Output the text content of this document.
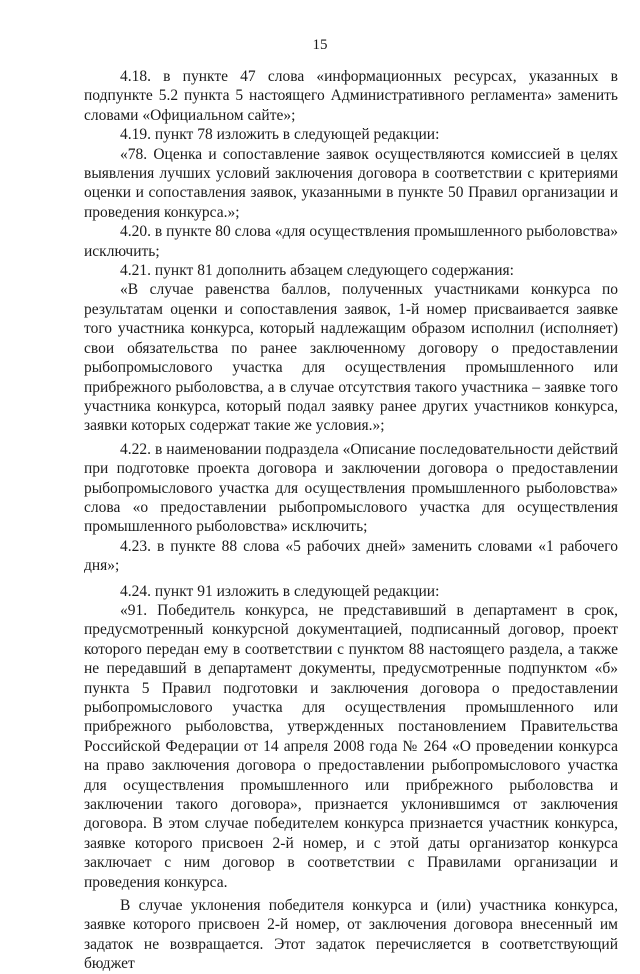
15

4.18. в пункте 47 слова «информационных ресурсах, указанных в подпункте 5.2 пункта 5 настоящего Административного регламента» заменить словами «Официальном сайте»;

4.19. пункт 78 изложить в следующей редакции:

«78. Оценка и сопоставление заявок осуществляются комиссией в целях выявления лучших условий заключения договора в соответствии с критериями оценки и сопоставления заявок, указанными в пункте 50 Правил организации и проведения конкурса.»;

4.20. в пункте 80 слова «для осуществления промышленного рыболовства» исключить;

4.21. пункт 81 дополнить абзацем следующего содержания:

«В случае равенства баллов, полученных участниками конкурса по результатам оценки и сопоставления заявок, 1-й номер присваивается заявке того участника конкурса, который надлежащим образом исполнил (исполняет) свои обязательства по ранее заключенному договору о предоставлении рыбопромыслового участка для осуществления промышленного или прибрежного рыболовства, а в случае отсутствия такого участника – заявке того участника конкурса, который подал заявку ранее других участников конкурса, заявки которых содержат такие же условия.»;

4.22. в наименовании подраздела «Описание последовательности действий при подготовке проекта договора и заключении договора о предоставлении рыбопромыслового участка для осуществления промышленного рыболовства» слова «о предоставлении рыбопромыслового участка для осуществления промышленного рыболовства» исключить;

4.23. в пункте 88 слова «5 рабочих дней» заменить словами «1 рабочего дня»;

4.24. пункт 91 изложить в следующей редакции:

«91. Победитель конкурса, не представивший в департамент в срок, предусмотренный конкурсной документацией, подписанный договор, проект которого передан ему в соответствии с пунктом 88 настоящего раздела, а также не передавший в департамент документы, предусмотренные подпунктом «б» пункта 5 Правил подготовки и заключения договора о предоставлении рыбопромыслового участка для осуществления промышленного или прибрежного рыболовства, утвержденных постановлением Правительства Российской Федерации от 14 апреля 2008 года № 264 «О проведении конкурса на право заключения договора о предоставлении рыбопромыслового участка для осуществления промышленного или прибрежного рыболовства и заключении такого договора», признается уклонившимся от заключения договора. В этом случае победителем конкурса признается участник конкурса, заявке которого присвоен 2-й номер, и с этой даты организатор конкурса заключает с ним договор в соответствии с Правилами организации и проведения конкурса.

В случае уклонения победителя конкурса и (или) участника конкурса, заявке которого присвоен 2-й номер, от заключения договора внесенный им задаток не возвращается. Этот задаток перечисляется в соответствующий бюджет
